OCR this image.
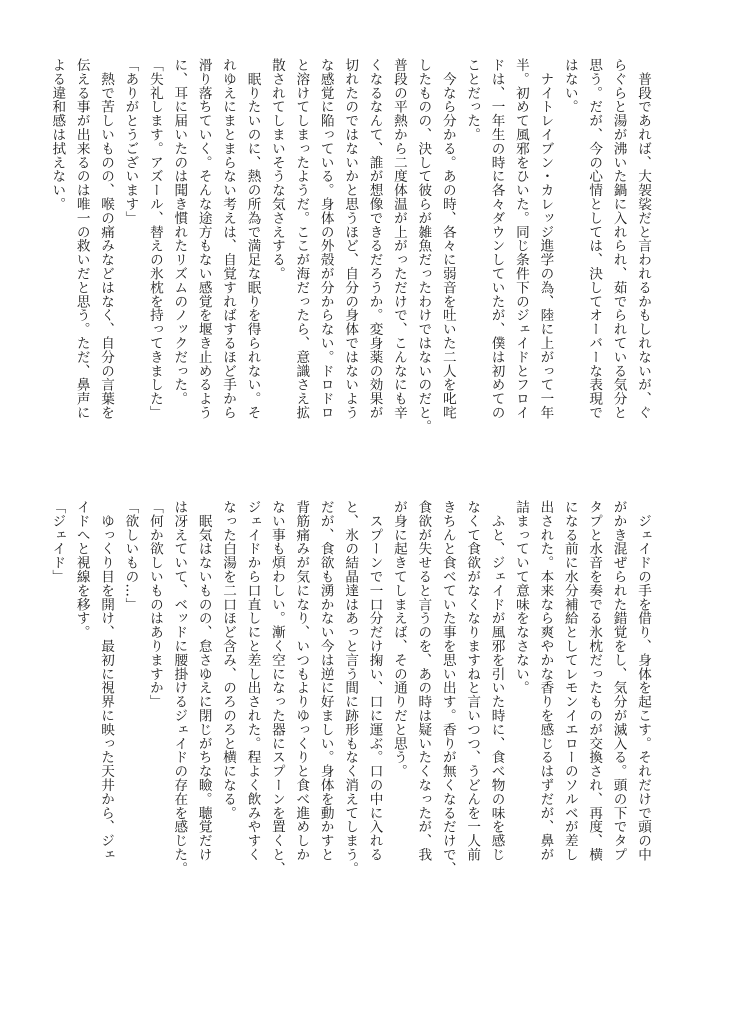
　普段であれば、大袈裟だと言われるかもしれないが、ぐ
らぐらと湯が沸いた鍋に入れられ、茹でられている気分と
思う。だが、今の心情としては、決してオーバーな表現で
はない。
　ナイトレイブン・カレッジ進学の為、陸に上がって一年
半。初めて風邪をひいた。同じ条件下のジェイドとフロイ
ドは、一年生の時に各々ダウンしていたが、僕は初めての
ことだった。
　今なら分かる。あの時、各々に弱音を吐いた二人を叱咤
したものの、決して彼らが雑魚だったわけではないのだと。
普段の平熱から二度体温が上がっただけで、こんなにも辛
くなるなんて、誰が想像できるだろうか。変身薬の効果が
切れたのではないかと思うほど、自分の身体ではないよう
な感覚に陥っている。身体の外殻が分からない。ドロドロ
と溶けてしまったようだ。ここが海だったら、意識さえ拡
散されてしまいそうな気さえする。
　眠りたいのに、熱の所為で満足な眠りを得られない。そ
れゆえにまとまらない考えは、自覚すればするほど手から
滑り落ちていく。そんな途方もない感覚を堰き止めるよう
に、耳に届いたのは聞き慣れたリズムのノックだった。
「失礼します。アズール、替えの氷枕を持ってきました」
「ありがとうございます」
　熱で苦しいものの、喉の痛みなどはなく、自分の言葉を
伝える事が出来るのは唯一の救いだと思う。ただ、鼻声に
よる違和感は拭えない。
　ジェイドの手を借り、身体を起こす。それだけで頭の中
がかき混ぜられた錯覚をし、気分が滅入る。頭の下でタプ
タプと水音を奏でる氷枕だったものが交換され、再度、横
になる前に水分補給としてレモンイエローのソルベが差し
出された。本来なら爽やかな香りを感じるはずだが、鼻が
詰まっていて意味をなさない。
　ふと、ジェイドが風邪を引いた時に、食べ物の味を感じ
なくて食欲がなくなりますねと言いつつ、うどんを一人前
きちんと食べていた事を思い出す。香りが無くなるだけで、
食欲が失せると言うのを、あの時は疑いたくなったが、我
が身に起きてしまえば、その通りだと思う。
　スプーンで一口分だけ掬い、口に運ぶ。口の中に入れる
と、氷の結晶達はあっと言う間に跡形もなく消えてしまう。
だが、食欲も湧かない今は逆に好ましい。身体を動かすと
背筋痛みが気になり、いつもよりゆっくりと食べ進めしか
ない事も煩わしい。漸く空になった器にスプーンを置くと、
ジェイドから口直しにと差し出された。程よく飲みやすく
なった白湯を二口ほど含み、のろのろと横になる。
　眠気はないものの、怠さゆえに閉じがちな瞼。聴覚だけ
は冴えていて、ベッドに腰掛けるジェイドの存在を感じた。
「何か欲しいものはありますか」
「欲しいもの…」
　ゆっくり目を開け、最初に視界に映った天井から、ジェ
イドへと視線を移す。
「ジェイド」
